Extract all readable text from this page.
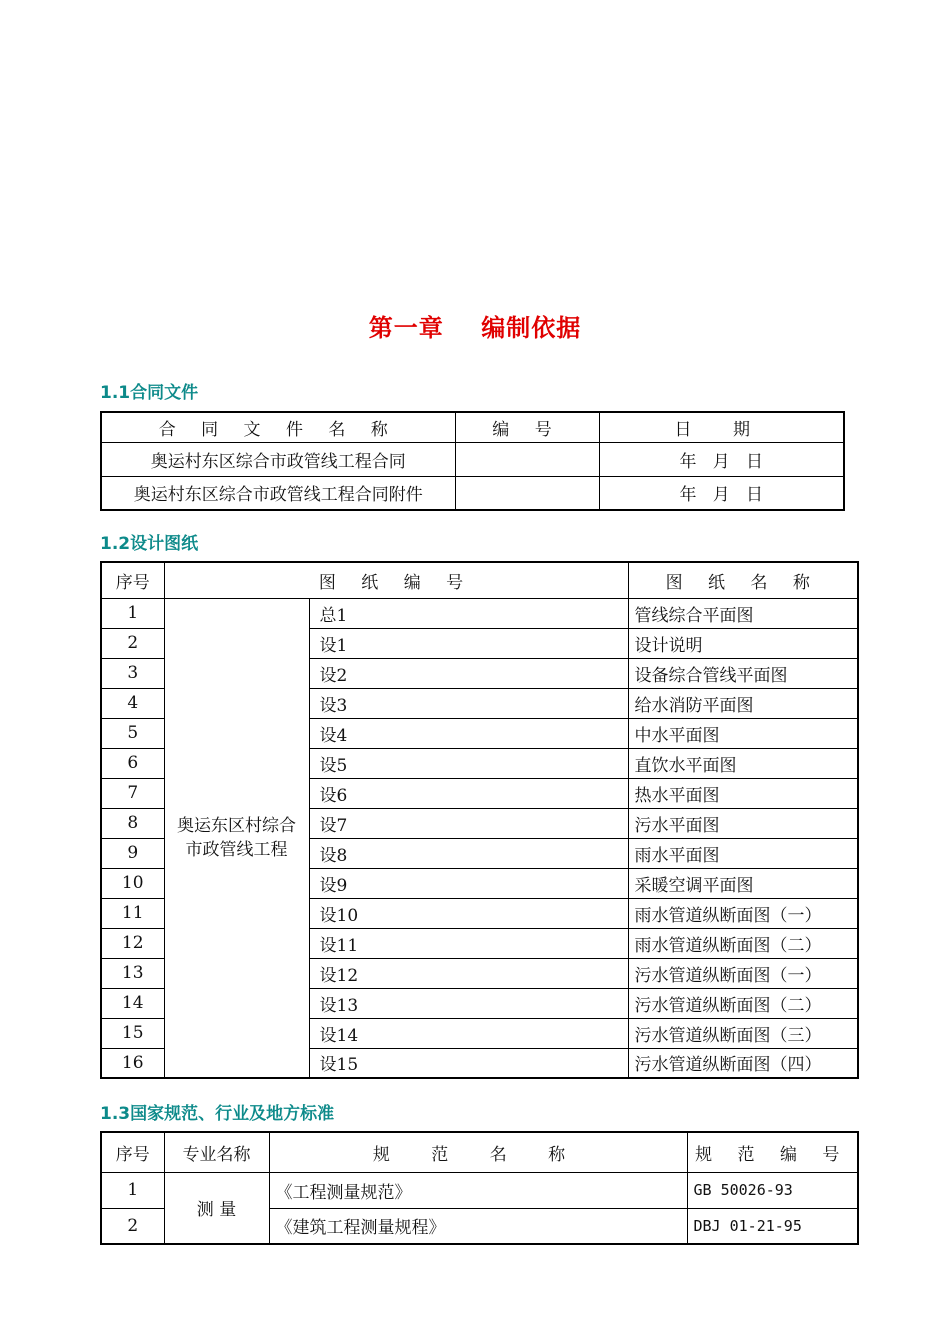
第一章    编制依据
1.1合同文件
合 同 文 件 名 称	编 号	日 期
奥运村东区综合市政管线工程合同		年   月   日
奥运村东区综合市政管线工程合同附件		年   月   日
1.2设计图纸
序号	图 纸 编 号		图 纸 名 称
1	奥运东区村综合市政管线工程	总1	管线综合平面图
2		设1	设计说明
3		设2	设备综合管线平面图
4		设3	给水消防平面图
5		设4	中水平面图
6		设5	直饮水平面图
7		设6	热水平面图
8		设7	污水平面图
9		设8	雨水平面图
10		设9	采暖空调平面图
11		设10	雨水管道纵断面图（一）
12		设11	雨水管道纵断面图（二）
13		设12	污水管道纵断面图（一）
14		设13	污水管道纵断面图（二）
15		设14	污水管道纵断面图（三）
16		设15	污水管道纵断面图（四）
1.3国家规范、行业及地方标准
序号	专业名称	规 范 名 称	规 范 编 号
1	测 量	《工程测量规范》	GB 50026-93
2		《建筑工程测量规程》	DBJ 01-21-95
